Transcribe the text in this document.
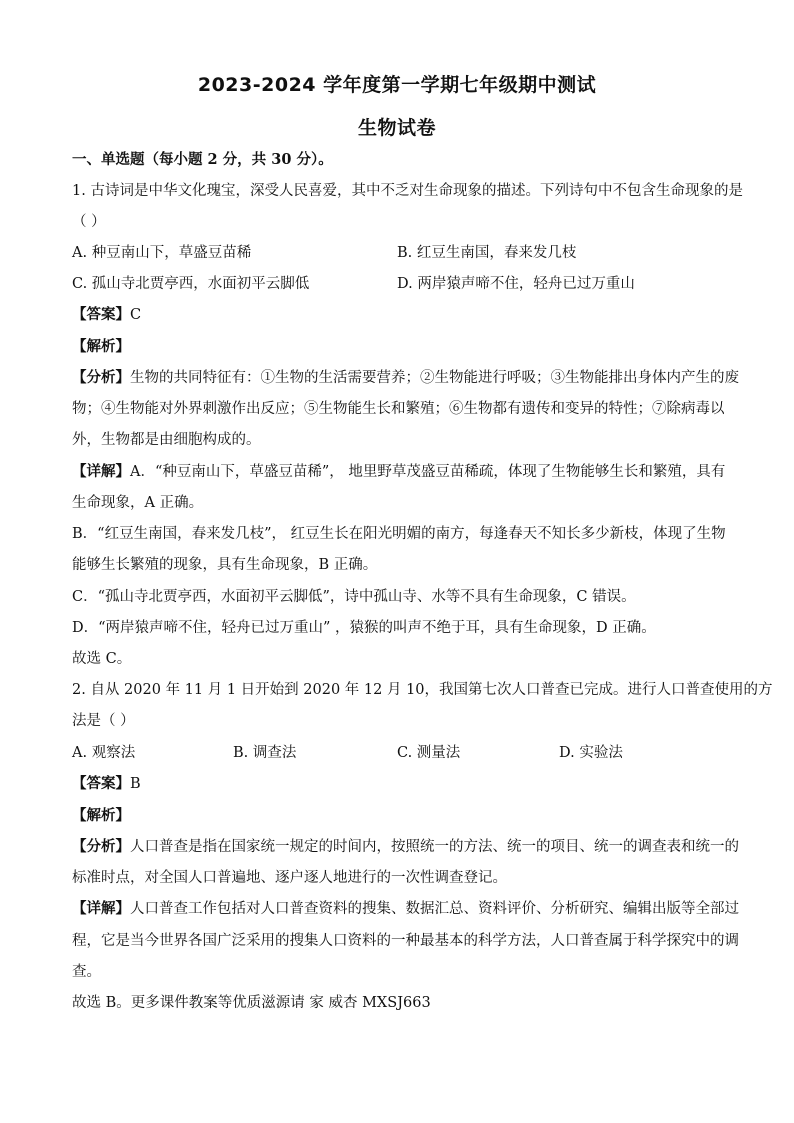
2023-2024 学年度第一学期七年级期中测试
生物试卷
一、单选题（每小题 2 分，共 30 分）。
1. 古诗词是中华文化瑰宝，深受人民喜爱，其中不乏对生命现象的描述。下列诗句中不包含生命现象的是
（ ）
A. 种豆南山下，草盛豆苗稀	B. 红豆生南国，春来发几枝
C. 孤山寺北贾亭西，水面初平云脚低	D. 两岸猿声啼不住，轻舟已过万重山
【答案】C
【解析】
【分析】生物的共同特征有：①生物的生活需要营养；②生物能进行呼吸；③生物能排出身体内产生的废
物；④生物能对外界刺激作出反应；⑤生物能生长和繁殖；⑥生物都有遗传和变异的特性；⑦除病毒以
外，生物都是由细胞构成的。
【详解】A．“种豆南山下，草盛豆苗稀”， 地里野草茂盛豆苗稀疏，体现了生物能够生长和繁殖，具有
生命现象，A 正确。
B．“红豆生南国，春来发几枝”， 红豆生长在阳光明媚的南方，每逢春天不知长多少新枝，体现了生物
能够生长繁殖的现象，具有生命现象，B 正确。
C．“孤山寺北贾亭西，水面初平云脚低”，诗中孤山寺、水等不具有生命现象，C 错误。
D．“两岸猿声啼不住，轻舟已过万重山” ，猿猴的叫声不绝于耳，具有生命现象，D 正确。
故选 C。
2. 自从 2020 年 11 月 1 日开始到 2020 年 12 月 10，我国第七次人口普查已完成。进行人口普查使用的方
法是（ ）
A. 观察法	B. 调查法	C. 测量法	D. 实验法
【答案】B
【解析】
【分析】人口普查是指在国家统一规定的时间内，按照统一的方法、统一的项目、统一的调查表和统一的
标准时点，对全国人口普遍地、逐户逐人地进行的一次性调查登记。
【详解】人口普查工作包括对人口普查资料的搜集、数据汇总、资料评价、分析研究、编辑出版等全部过
程，它是当今世界各国广泛采用的搜集人口资料的一种最基本的科学方法，人口普查属于科学探究中的调
查。
故选 B。更多课件教案等优质滋源请 家 威杏 MXSJ663
